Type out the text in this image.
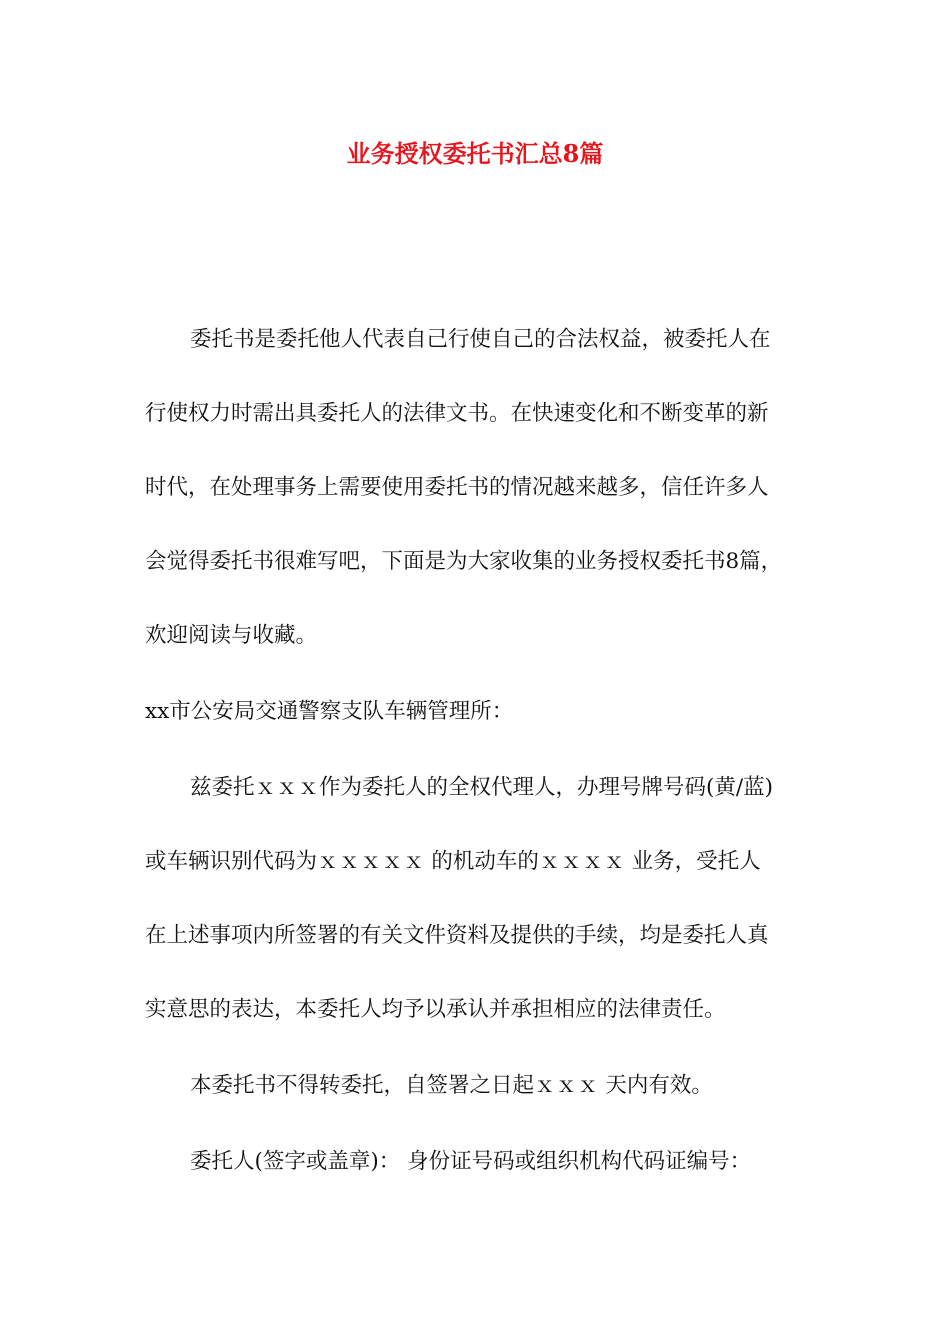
业务授权委托书汇总8篇
委托书是委托他人代表自己行使自己的合法权益，被委托人在
行使权力时需出具委托人的法律文书。在快速变化和不断变革的新
时代，在处理事务上需要使用委托书的情况越来越多，信任许多人
会觉得委托书很难写吧，下面是为大家收集的业务授权委托书8篇，
欢迎阅读与收藏。
xx市公安局交通警察支队车辆管理所：
兹委托ｘｘｘ作为委托人的全权代理人，办理号牌号码(黄/蓝)
或车辆识别代码为ｘｘｘｘｘ 的机动车的ｘｘｘｘ 业务，受托人
在上述事项内所签署的有关文件资料及提供的手续，均是委托人真
实意思的表达，本委托人均予以承认并承担相应的法律责任。
本委托书不得转委托，自签署之日起ｘｘｘ 天内有效。
委托人(签字或盖章)： 身份证号码或组织机构代码证编号：
